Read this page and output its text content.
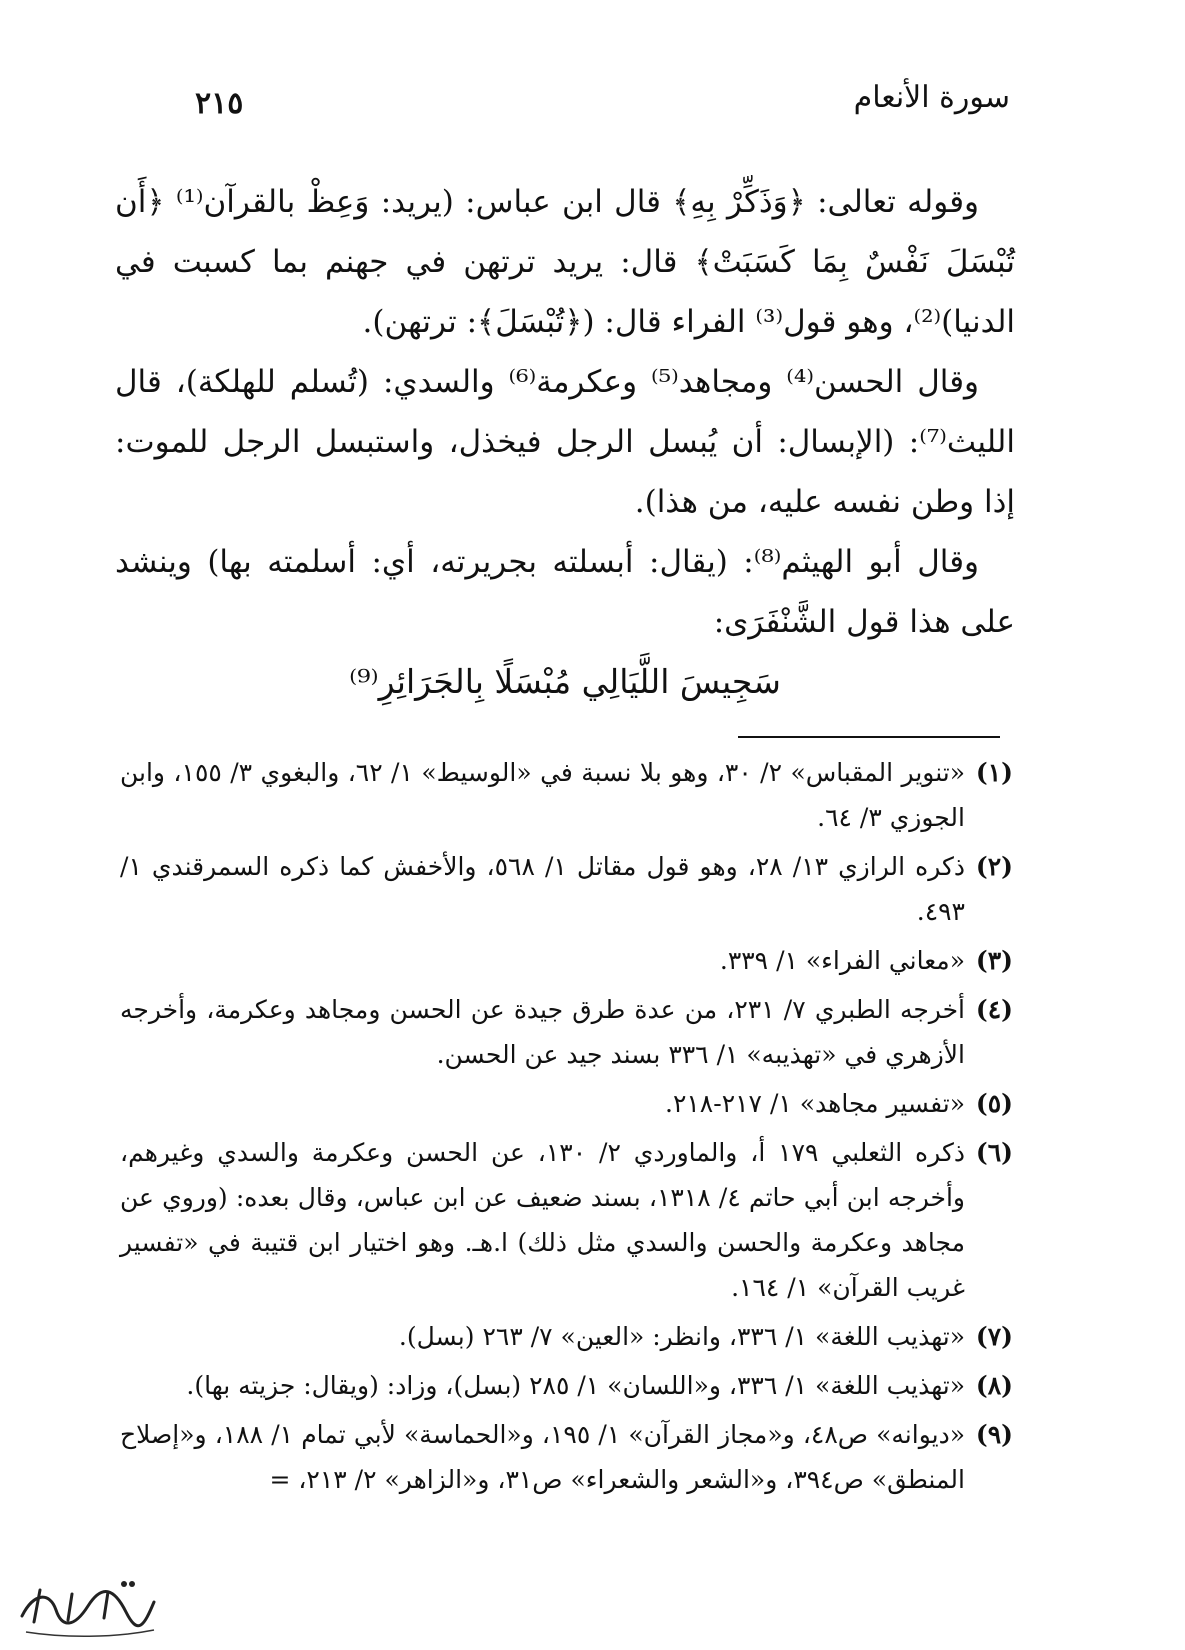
٢١٥	سورة الأنعام

وقوله تعالى: ﴿وَذَكِّرْ بِهِ﴾ قال ابن عباس: (يريد: وَعِظْ بالقرآن⁽¹⁾ ﴿أَن تُبْسَلَ نَفْسٌ بِمَا كَسَبَتْ﴾ قال: يريد ترتهن في جهنم بما كسبت في الدنيا)⁽²⁾، وهو قول⁽³⁾ الفراء قال: (﴿تُبْسَلَ﴾: ترتهن).

وقال الحسن⁽⁴⁾ ومجاهد⁽⁵⁾ وعكرمة⁽⁶⁾ والسدي: (تُسلم للهلكة)، قال الليث⁽⁷⁾: (الإبسال: أن يُبسل الرجل فيخذل، واستبسل الرجل للموت: إذا وطن نفسه عليه، من هذا).

وقال أبو الهيثم⁽⁸⁾: (يقال: أبسلته بجريرته، أي: أسلمته بها) وينشد على هذا قول الشَّنْفَرَى:

سَجِيسَ اللَّيَالِي مُبْسَلًا بِالجَرَائِرِ⁽⁹⁾

(١)
«تنوير المقباس» ٢/ ٣٠، وهو بلا نسبة في «الوسيط» ١/ ٦٢، والبغوي ٣/ ١٥٥، وابن الجوزي ٣/ ٦٤.
(٢)
ذكره الرازي ١٣/ ٢٨، وهو قول مقاتل ١/ ٥٦٨، والأخفش كما ذكره السمرقندي ١/ ٤٩٣.
(٣)
«معاني الفراء» ١/ ٣٣٩.
(٤)
أخرجه الطبري ٧/ ٢٣١، من عدة طرق جيدة عن الحسن ومجاهد وعكرمة، وأخرجه الأزهري في «تهذيبه» ١/ ٣٣٦ بسند جيد عن الحسن.
(٥)
«تفسير مجاهد» ١/ ٢١٧-٢١٨.
(٦)
ذكره الثعلبي ١٧٩ أ، والماوردي ٢/ ١٣٠، عن الحسن وعكرمة والسدي وغيرهم، وأخرجه ابن أبي حاتم ٤/ ١٣١٨، بسند ضعيف عن ابن عباس، وقال بعده: (وروي عن مجاهد وعكرمة والحسن والسدي مثل ذلك) ا.هـ. وهو اختيار ابن قتيبة في «تفسير غريب القرآن» ١/ ١٦٤.
(٧)
«تهذيب اللغة» ١/ ٣٣٦، وانظر: «العين» ٧/ ٢٦٣ (بسل).
(٨)
«تهذيب اللغة» ١/ ٣٣٦، و«اللسان» ١/ ٢٨٥ (بسل)، وزاد: (ويقال: جزيته بها).
(٩)
«ديوانه» ص٤٨، و«مجاز القرآن» ١/ ١٩٥، و«الحماسة» لأبي تمام ١/ ١٨٨، و«إصلاح المنطق» ص٣٩٤، و«الشعر والشعراء» ص٣١، و«الزاهر» ٢/ ٢١٣، =
